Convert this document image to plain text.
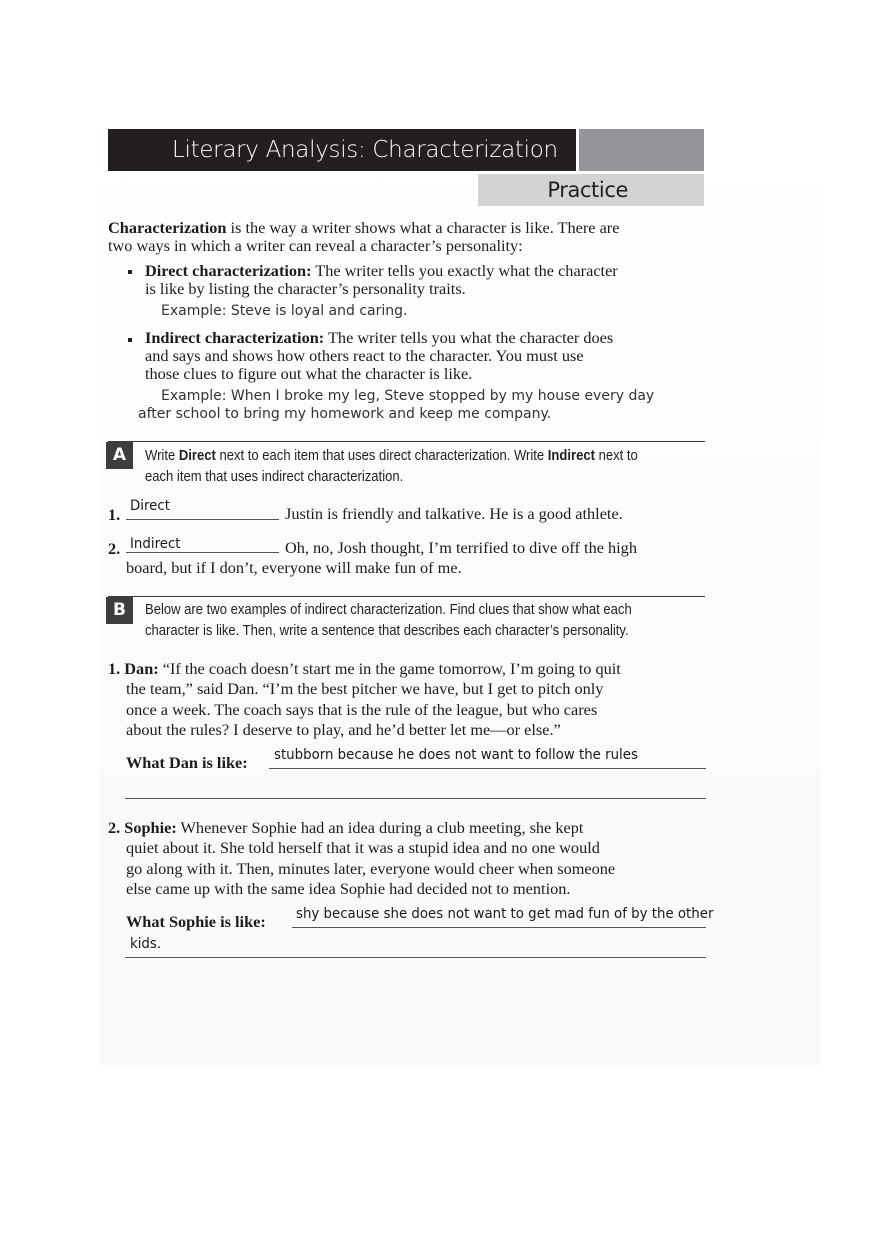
Literary Analysis: Characterization
Practice
Characterization is the way a writer shows what a character is like. There are
two ways in which a writer can reveal a character’s personality:
Direct characterization: The writer tells you exactly what the character
is like by listing the character’s personality traits.
Example: Steve is loyal and caring.
Indirect characterization: The writer tells you what the character does
and says and shows how others react to the character. You must use
those clues to figure out what the character is like.
Example: When I broke my leg, Steve stopped by my house every day
after school to bring my homework and keep me company.
A	Write Direct next to each item that uses direct characterization. Write Indirect next to
each item that uses indirect characterization.
1. Direct	Justin is friendly and talkative. He is a good athlete.
2. Indirect	Oh, no, Josh thought, I’m terrified to dive off the high
board, but if I don’t, everyone will make fun of me.
B	Below are two examples of indirect characterization. Find clues that show what each
character is like. Then, write a sentence that describes each character’s personality.
1. Dan: “If the coach doesn’t start me in the game tomorrow, I’m going to quit
the team,” said Dan. “I’m the best pitcher we have, but I get to pitch only
once a week. The coach says that is the rule of the league, but who cares
about the rules? I deserve to play, and he’d better let me—or else.”
What Dan is like: stubborn because he does not want to follow the rules
2. Sophie: Whenever Sophie had an idea during a club meeting, she kept
quiet about it. She told herself that it was a stupid idea and no one would
go along with it. Then, minutes later, everyone would cheer when someone
else came up with the same idea Sophie had decided not to mention.
What Sophie is like: shy because she does not want to get mad fun of by the other
kids.
